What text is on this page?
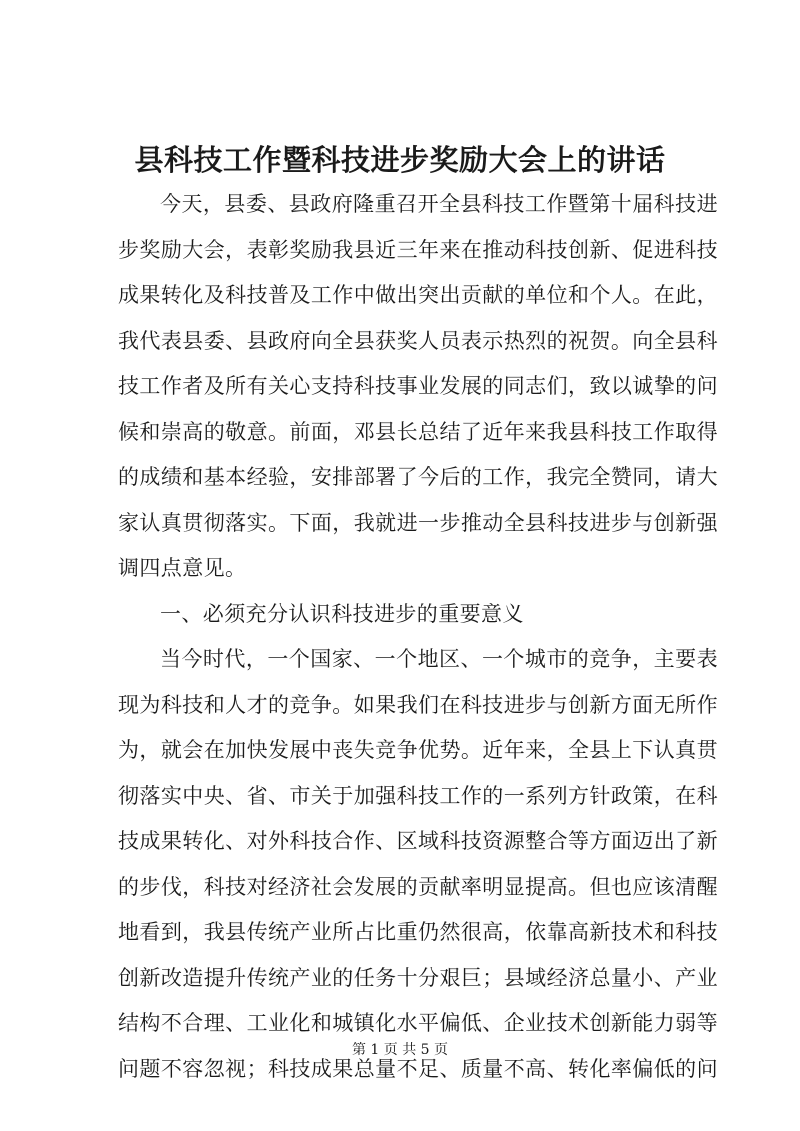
县科技工作暨科技进步奖励大会上的讲话
今天，县委、县政府隆重召开全县科技工作暨第十届科技进
步奖励大会，表彰奖励我县近三年来在推动科技创新、促进科技
成果转化及科技普及工作中做出突出贡献的单位和个人。在此，
我代表县委、县政府向全县获奖人员表示热烈的祝贺。向全县科
技工作者及所有关心支持科技事业发展的同志们，致以诚挚的问
候和崇高的敬意。前面，邓县长总结了近年来我县科技工作取得
的成绩和基本经验，安排部署了今后的工作，我完全赞同，请大
家认真贯彻落实。下面，我就进一步推动全县科技进步与创新强
调四点意见。
一、必须充分认识科技进步的重要意义
当今时代，一个国家、一个地区、一个城市的竞争，主要表
现为科技和人才的竞争。如果我们在科技进步与创新方面无所作
为，就会在加快发展中丧失竞争优势。近年来，全县上下认真贯
彻落实中央、省、市关于加强科技工作的一系列方针政策，在科
技成果转化、对外科技合作、区域科技资源整合等方面迈出了新
的步伐，科技对经济社会发展的贡献率明显提高。但也应该清醒
地看到，我县传统产业所占比重仍然很高，依靠高新技术和科技
创新改造提升传统产业的任务十分艰巨；县域经济总量小、产业
结构不合理、工业化和城镇化水平偏低、企业技术创新能力弱等
问题不容忽视；科技成果总量不足、质量不高、转化率偏低的问
第 1 页 共 5 页
